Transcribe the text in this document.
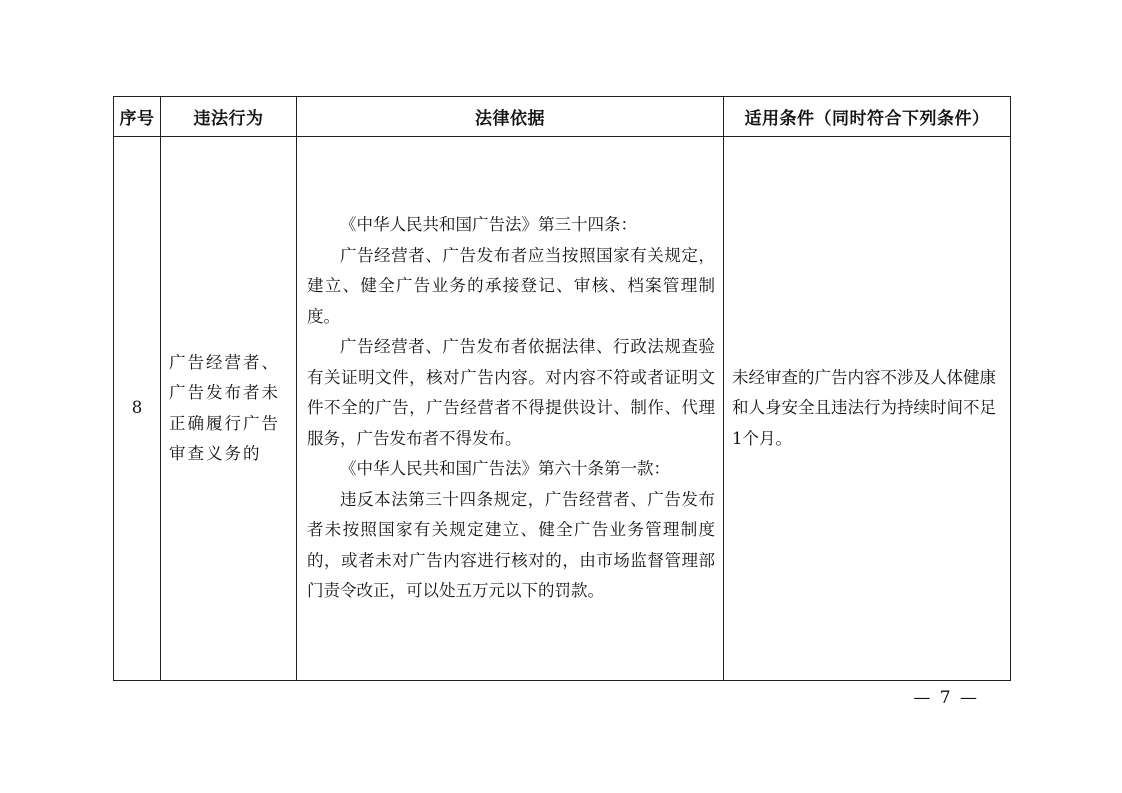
序号	违法行为	法律依据	适用条件（同时符合下列条件）
8	广告经营者、广告发布者未正确履行广告审查义务的	《中华人民共和国广告法》第三十四条：
广告经营者、广告发布者应当按照国家有关规定，建立、健全广告业务的承接登记、审核、档案管理制度。
广告经营者、广告发布者依据法律、行政法规查验有关证明文件，核对广告内容。对内容不符或者证明文件不全的广告，广告经营者不得提供设计、制作、代理服务，广告发布者不得发布。
《中华人民共和国广告法》第六十条第一款：
违反本法第三十四条规定，广告经营者、广告发布者未按照国家有关规定建立、健全广告业务管理制度的，或者未对广告内容进行核对的，由市场监督管理部门责令改正，可以处五万元以下的罚款。	未经审查的广告内容不涉及人体健康和人身安全且违法行为持续时间不足1个月。
— 7 —
